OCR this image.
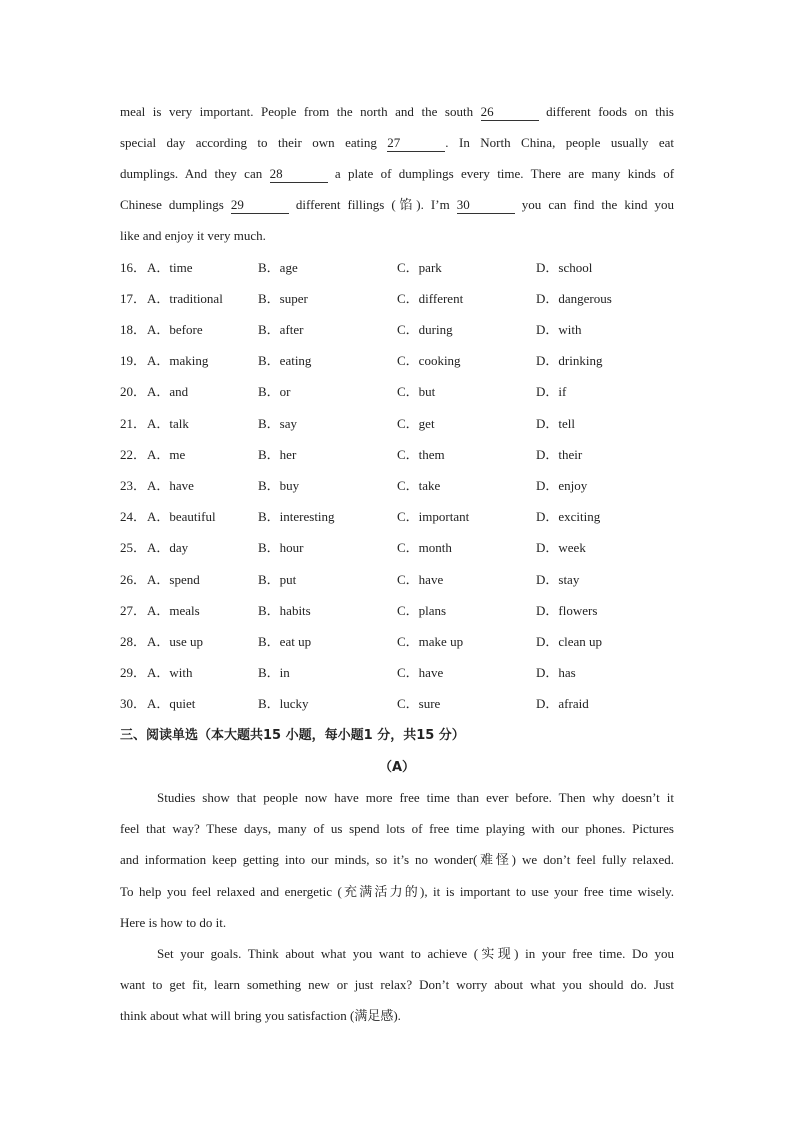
meal is very important. People from the north and the south 26	different foods on this
special day according to their own eating 27	. In North China, people usually eat
dumplings. And they can 28	a plate of dumplings every time. There are many kinds of
Chinese dumplings 29	different fillings (馅). I’m 30	you can find the kind you
like and enjoy it very much.
16． A．time	B．age	C．park	D．school
17． A．traditional	B．super	C．different	D．dangerous
18． A．before	B．after	C．during	D．with
19． A．making	B．eating	C．cooking	D．drinking
20． A．and	B．or	C．but	D．if
21． A．talk	B．say	C．get	D．tell
22． A．me	B．her	C．them	D．their
23． A．have	B．buy	C．take	D．enjoy
24． A．beautiful	B．interesting	C．important	D．exciting
25． A．day	B．hour	C．month	D．week
26． A．spend	B．put	C．have	D．stay
27． A．meals	B．habits	C．plans	D．flowers
28． A．use up	B．eat up	C．make up	D．clean up
29． A．with	B．in	C．have	D．has
30． A．quiet	B．lucky	C．sure	D．afraid
三、阅读单选（本大题共15 小题，每小题1 分，共15 分）
（A）
Studies show that people now have more free time than ever before. Then why doesn’t it
feel that way? These days, many of us spend lots of free time playing with our phones. Pictures
and information keep getting into our minds, so it’s no wonder(难怪) we don’t feel fully relaxed.
To help you feel relaxed and energetic (充满活力的), it is important to use your free time wisely.
Here is how to do it.
Set your goals. Think about what you want to achieve (实现) in your free time. Do you
want to get fit, learn something new or just relax? Don’t worry about what you should do. Just
think about what will bring you satisfaction (满足感).
